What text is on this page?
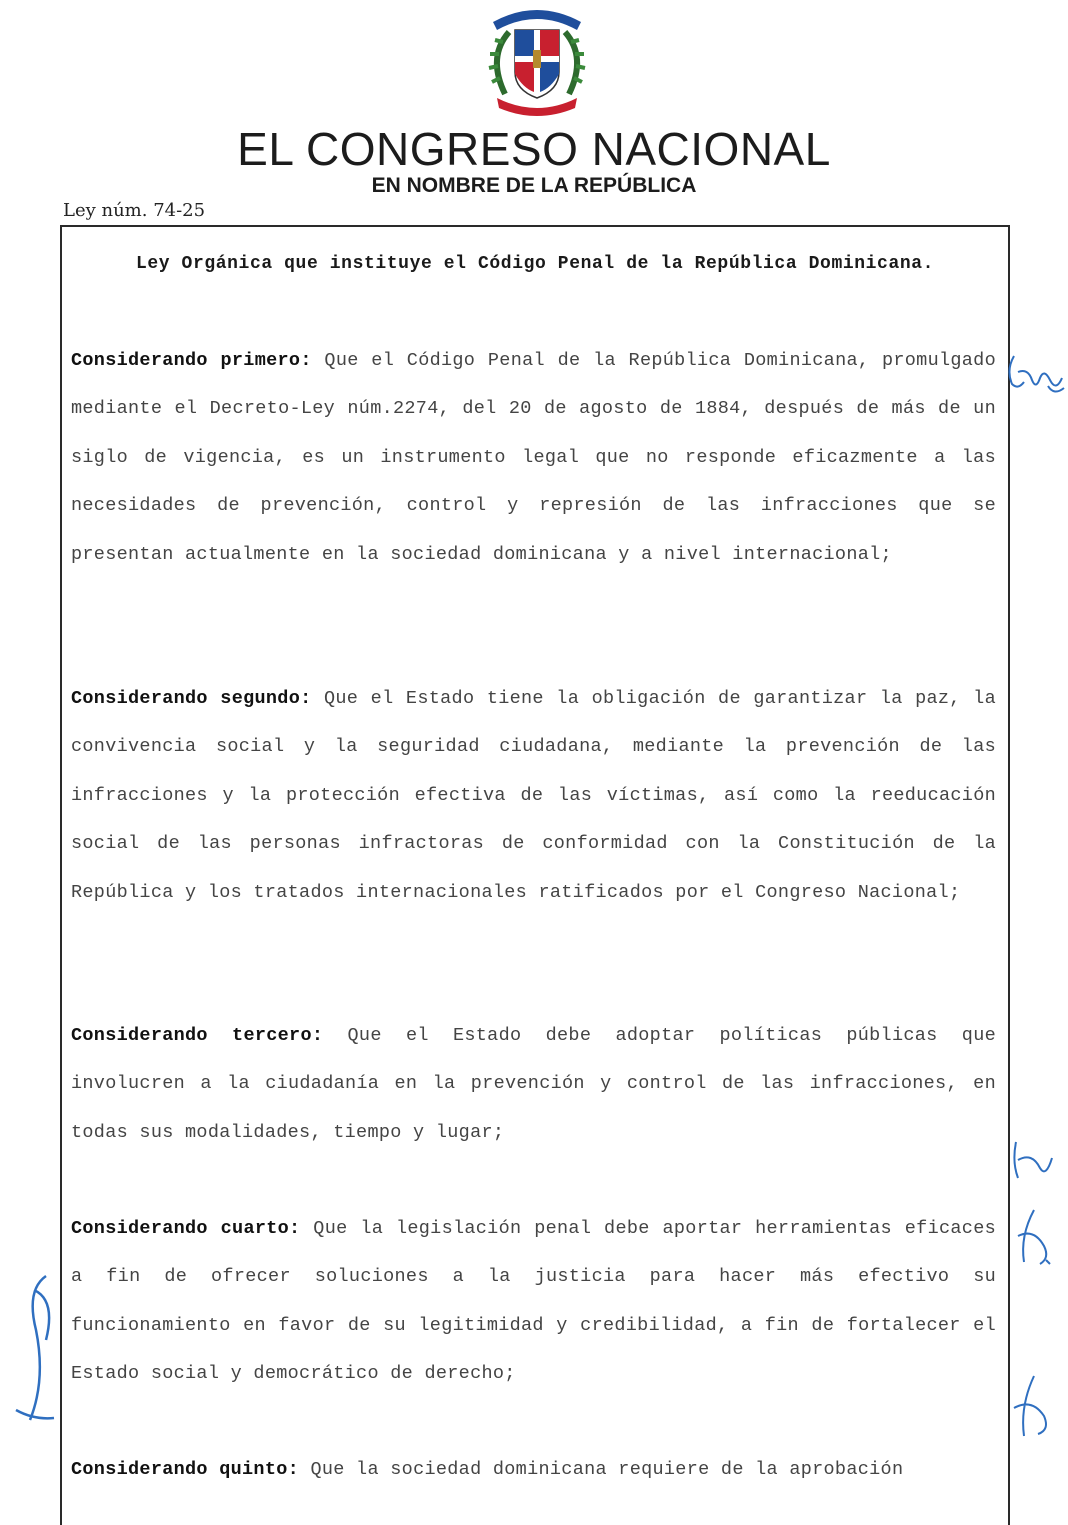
EL CONGRESO NACIONAL
EN NOMBRE DE LA REPÚBLICA
Ley núm. 74-25
Ley Orgánica que instituye el Código Penal de la República Dominicana.

Considerando primero: Que el Código Penal de la República Dominicana, promulgado mediante el Decreto-Ley núm.2274, del 20 de agosto de 1884, después de más de un siglo de vigencia, es un instrumento legal que no responde eficazmente a las necesidades de prevención, control y represión de las infracciones que se presentan actualmente en la sociedad dominicana y a nivel internacional;

Considerando segundo: Que el Estado tiene la obligación de garantizar la paz, la convivencia social y la seguridad ciudadana, mediante la prevención de las infracciones y la protección efectiva de las víctimas, así como la reeducación social de las personas infractoras de conformidad con la Constitución de la República y los tratados internacionales ratificados por el Congreso Nacional;

Considerando tercero: Que el Estado debe adoptar políticas públicas que involucren a la ciudadanía en la prevención y control de las infracciones, en todas sus modalidades, tiempo y lugar;

Considerando cuarto: Que la legislación penal debe aportar herramientas eficaces a fin de ofrecer soluciones a la justicia para hacer más efectivo su funcionamiento en favor de su legitimidad y credibilidad, a fin de fortalecer el Estado social y democrático de derecho;

Considerando quinto: Que la sociedad dominicana requiere de la aprobación
